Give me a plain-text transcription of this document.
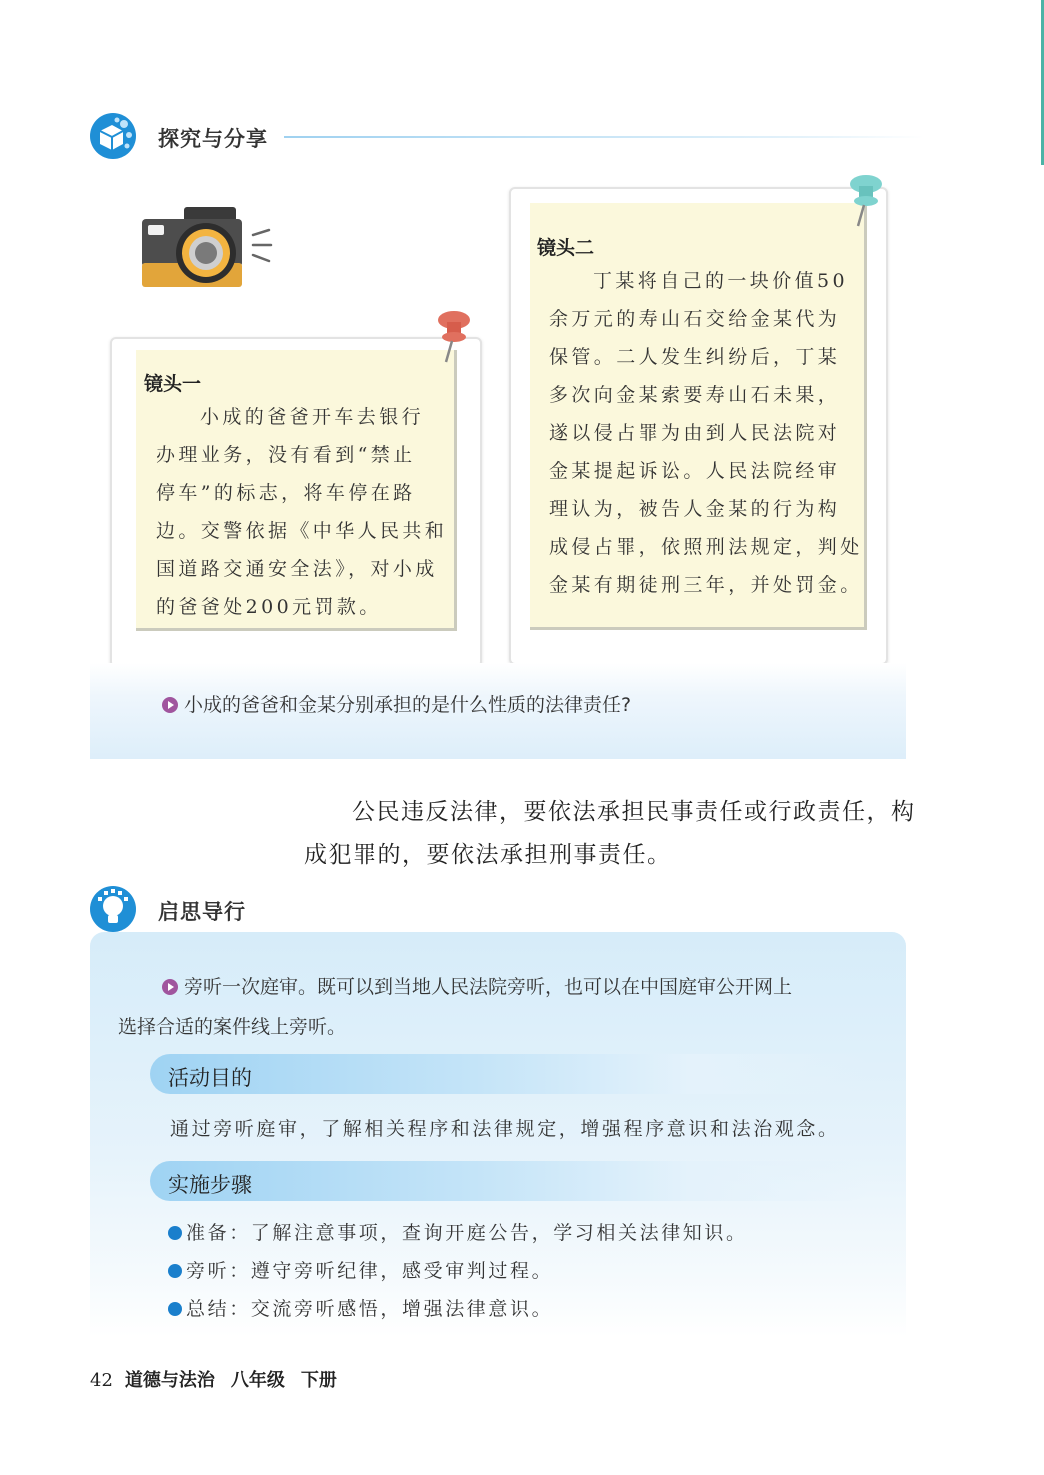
探究与分享
镜头一
小成的爸爸开车去银行
办理业务，没有看到“禁止
停车”的标志，将车停在路
边。交警依据《中华人民共和
国道路交通安全法》，对小成
的爸爸处200元罚款。
镜头二
丁某将自己的一块价值50
余万元的寿山石交给金某代为
保管。二人发生纠纷后，丁某
多次向金某索要寿山石未果，
遂以侵占罪为由到人民法院对
金某提起诉讼。人民法院经审
理认为，被告人金某的行为构
成侵占罪，依照刑法规定，判处
金某有期徒刑三年，并处罚金。
小成的爸爸和金某分别承担的是什么性质的法律责任?
公民违反法律，要依法承担民事责任或行政责任，构
成犯罪的，要依法承担刑事责任。
启思导行
旁听一次庭审。既可以到当地人民法院旁听，也可以在中国庭审公开网上
选择合适的案件线上旁听。
活动目的
通过旁听庭审，了解相关程序和法律规定，增强程序意识和法治观念。
实施步骤
准备：了解注意事项，查询开庭公告，学习相关法律知识。
旁听：遵守旁听纪律，感受审判过程。
总结：交流旁听感悟，增强法律意识。
42 道德与法治 八年级 下册
